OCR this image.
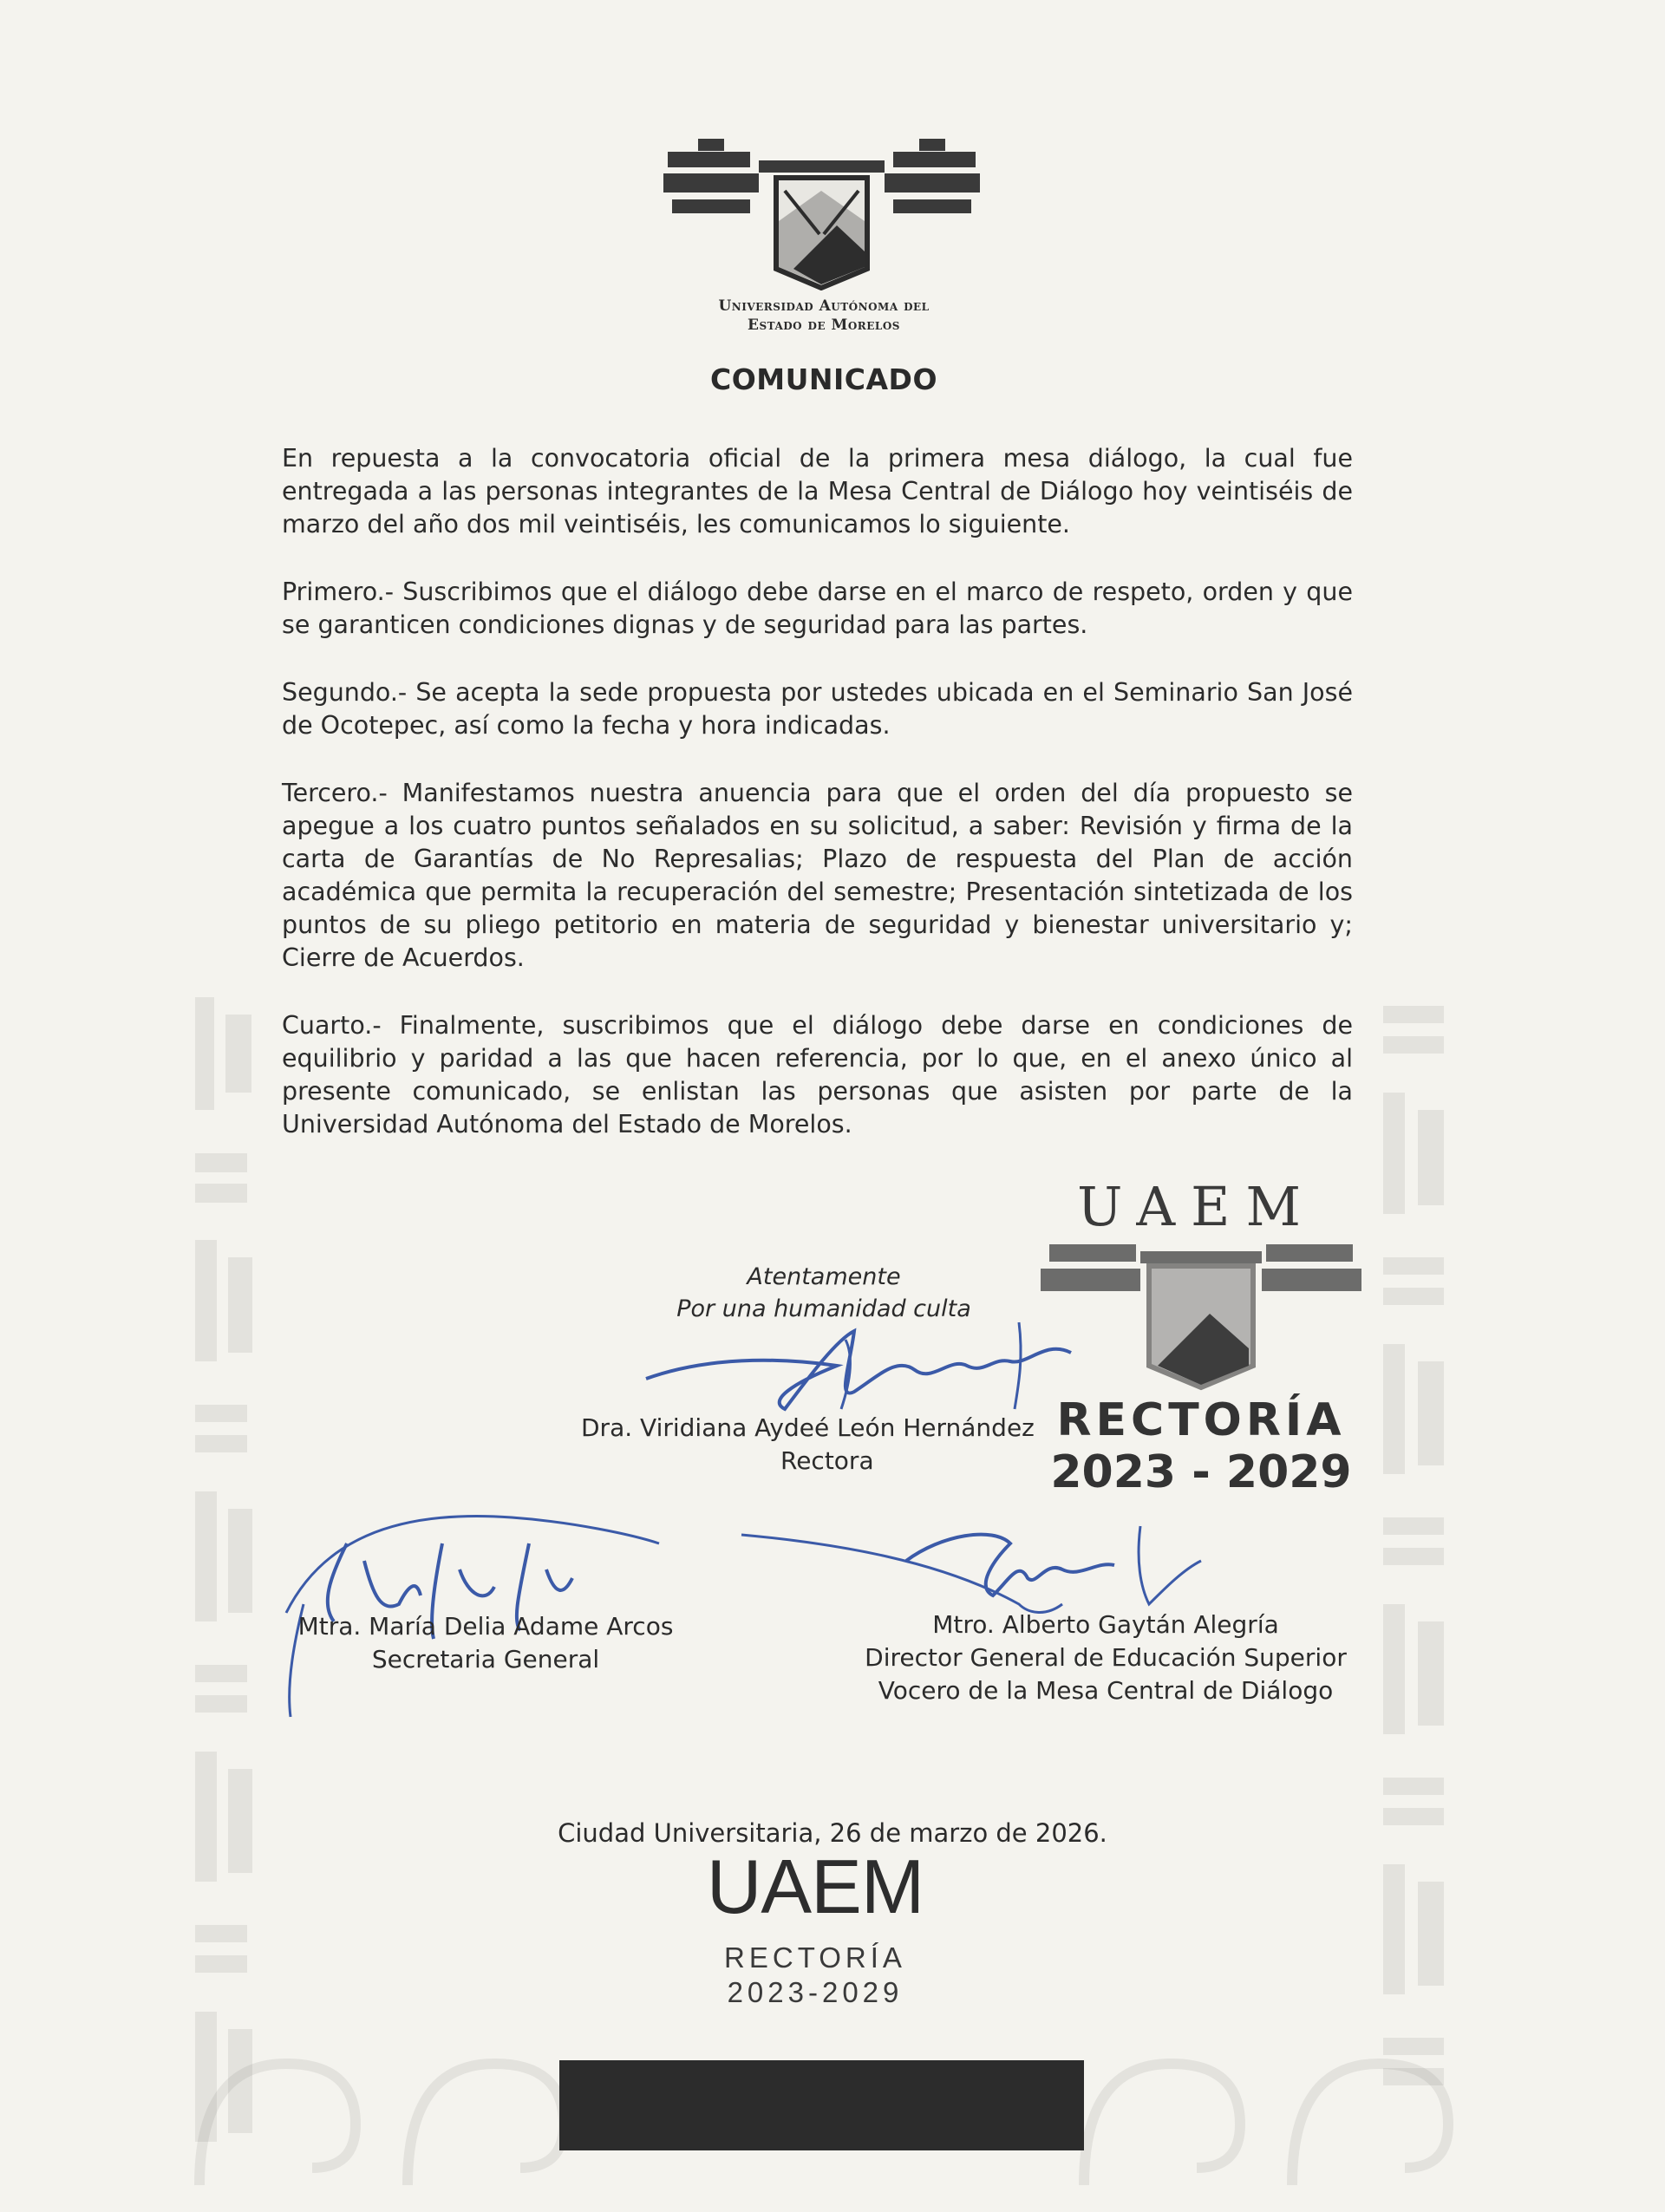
Universidad Autónoma del
Estado de Morelos
COMUNICADO

En repuesta a la convocatoria oficial de la primera mesa diálogo, la cual fue entregada a las personas integrantes de la Mesa Central de Diálogo hoy veintiséis de marzo del año dos mil veintiséis, les comunicamos lo siguiente.

Primero.- Suscribimos que el diálogo debe darse en el marco de respeto, orden y que se garanticen condiciones dignas y de seguridad para las partes.

Segundo.- Se acepta la sede propuesta por ustedes ubicada en el Seminario San José de Ocotepec, así como la fecha y hora indicadas.

Tercero.- Manifestamos nuestra anuencia para que el orden del día propuesto se apegue a los cuatro puntos señalados en su solicitud, a saber: Revisión y firma de la carta de Garantías de No Represalias; Plazo de respuesta del Plan de acción académica que permita la recuperación del semestre; Presentación sintetizada de los puntos de su pliego petitorio en materia de seguridad y bienestar universitario y; Cierre de Acuerdos.

Cuarto.- Finalmente, suscribimos que el diálogo debe darse en condiciones de equilibrio y paridad a las que hacen referencia, por lo que, en el anexo único al presente comunicado, se enlistan las personas que asisten por parte de la Universidad Autónoma del Estado de Morelos.

UAEM
RECTORÍA
2023 - 2029
Atentamente
Por una humanidad culta
Dra. Viridiana Aydeé León Hernández
Rectora
Mtra. María Delia Adame Arcos
Secretaria General
Mtro. Alberto Gaytán Alegría
Director General de Educación Superior
Vocero de la Mesa Central de Diálogo
Ciudad Universitaria, 26 de marzo de 2026.
UAEM
RECTORÍA
2023-2029
